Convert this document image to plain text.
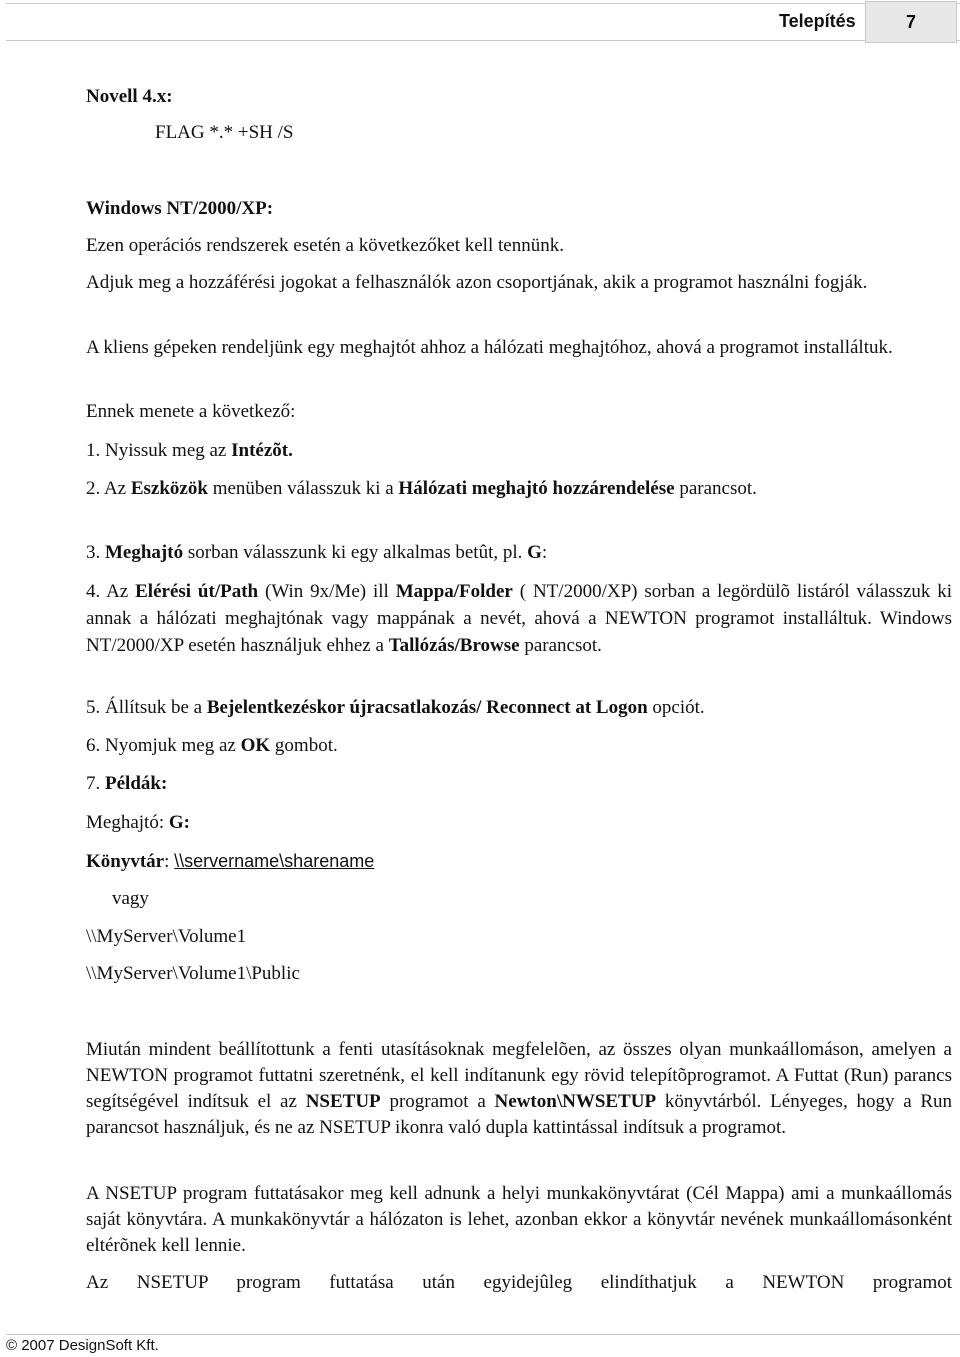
Telepítés	7
Novell 4.x:
FLAG *.* +SH /S
Windows NT/2000/XP:
Ezen operációs rendszerek esetén a következőket kell tennünk.
Adjuk meg a hozzáférési jogokat a felhasználók azon csoportjának, akik a programot használni fogják.
A kliens gépeken rendeljünk egy meghajtót ahhoz a hálózati meghajtóhoz, ahová a programot installáltuk.
Ennek menete a következő:
1. Nyissuk meg az Intézõt.
2. Az Eszközök menüben válasszuk ki a Hálózati meghajtó hozzárendelése parancsot.
3. Meghajtó sorban válasszunk ki egy alkalmas betût, pl. G:
4. Az Elérési út/Path (Win 9x/Me) ill Mappa/Folder ( NT/2000/XP) sorban a legördülõ listáról válasszuk ki annak a hálózati meghajtónak vagy mappának a nevét, ahová a NEWTON programot installáltuk. Windows NT/2000/XP esetén használjuk ehhez a Tallózás/Browse parancsot.
5. Állítsuk be a Bejelentkezéskor újracsatlakozás/ Reconnect at Logon opciót.
6. Nyomjuk meg az OK gombot.
7. Példák:
Meghajtó: G:
Könyvtár: \\servername\sharename
vagy
\\MyServer\Volume1
\\MyServer\Volume1\Public
Miután mindent beállítottunk a fenti utasításoknak megfelelõen, az összes olyan munkaállomáson, amelyen a NEWTON programot futtatni szeretnénk, el kell indítanunk egy rövid telepítõprogramot. A Futtat (Run) parancs segítségével indítsuk el az NSETUP programot a Newton\NWSETUP könyvtárból. Lényeges, hogy a Run parancsot használjuk, és ne az NSETUP ikonra való dupla kattintással indítsuk a programot.
A NSETUP program futtatásakor meg kell adnunk a helyi munkakönyvtárat (Cél Mappa) ami a munkaállomás saját könyvtára. A munkakönyvtár a hálózaton is lehet, azonban ekkor a könyvtár nevének munkaállomásonként eltérõnek kell lennie.
Az NSETUP program futtatása után egyidejûleg elindíthatjuk a NEWTON programot
© 2007 DesignSoft Kft.
